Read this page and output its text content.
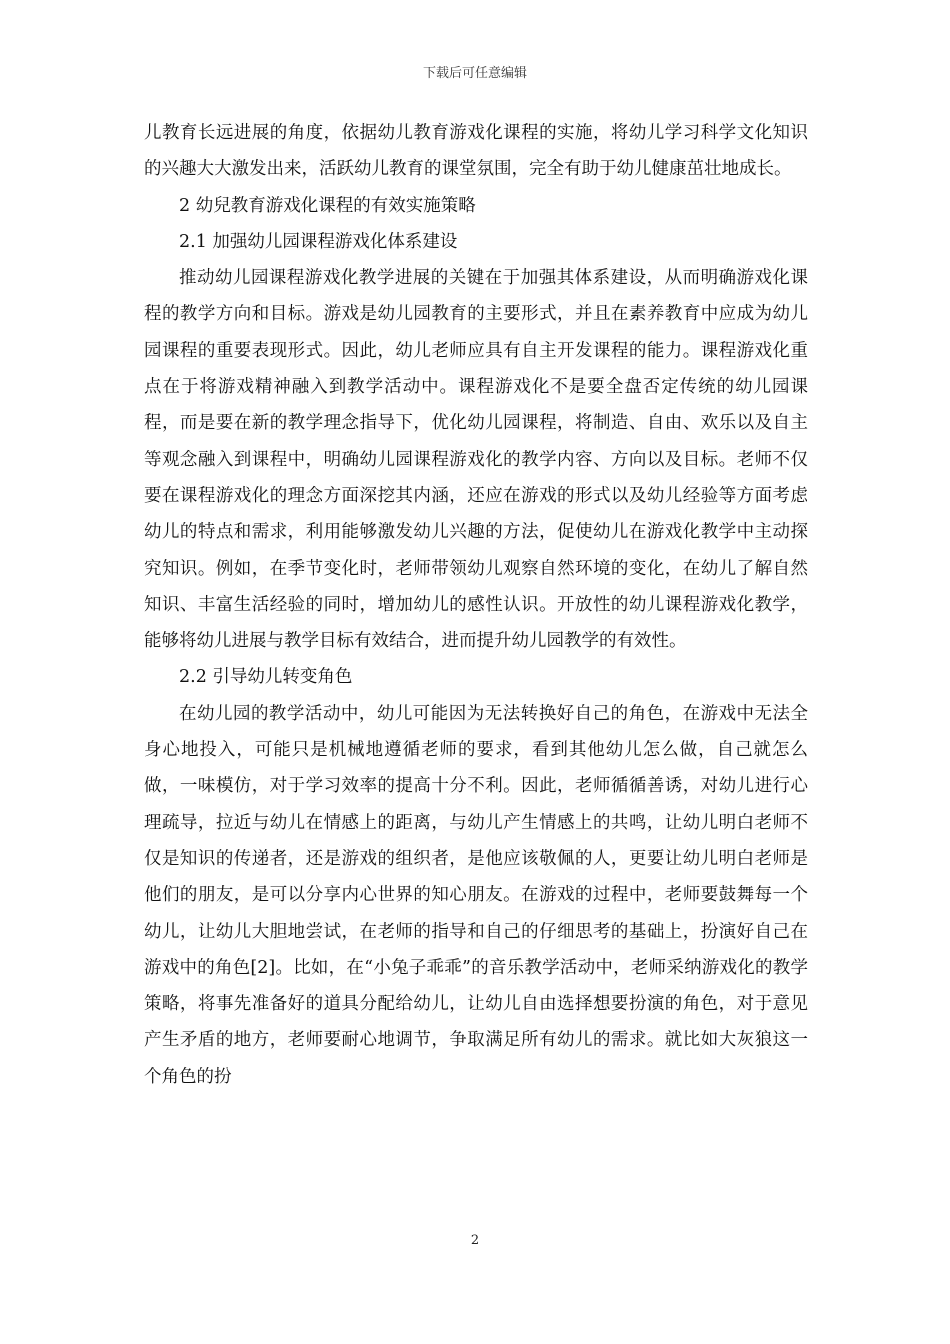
下载后可任意编辑

儿教育长远进展的角度，依据幼儿教育游戏化课程的实施，将幼儿学习科学文化知识的兴趣大大激发出来，活跃幼儿教育的课堂氛围，完全有助于幼儿健康茁壮地成长。

2 幼兒教育游戏化课程的有效实施策略

2.1 加强幼儿园课程游戏化体系建设

推动幼儿园课程游戏化教学进展的关键在于加强其体系建设，从而明确游戏化课程的教学方向和目标。游戏是幼儿园教育的主要形式，并且在素养教育中应成为幼儿园课程的重要表现形式。因此，幼儿老师应具有自主开发课程的能力。课程游戏化重点在于将游戏精神融入到教学活动中。课程游戏化不是要全盘否定传统的幼儿园课程，而是要在新的教学理念指导下，优化幼儿园课程，将制造、自由、欢乐以及自主等观念融入到课程中，明确幼儿园课程游戏化的教学内容、方向以及目标。老师不仅要在课程游戏化的理念方面深挖其内涵，还应在游戏的形式以及幼儿经验等方面考虑幼儿的特点和需求，利用能够激发幼儿兴趣的方法，促使幼儿在游戏化教学中主动探究知识。例如，在季节变化时，老师带领幼儿观察自然环境的变化，在幼儿了解自然知识、丰富生活经验的同时，增加幼儿的感性认识。开放性的幼儿课程游戏化教学，能够将幼儿进展与教学目标有效结合，进而提升幼儿园教学的有效性。

2.2 引导幼儿转变角色

在幼儿园的教学活动中，幼儿可能因为无法转换好自己的角色，在游戏中无法全身心地投入，可能只是机械地遵循老师的要求，看到其他幼儿怎么做，自己就怎么做，一味模仿，对于学习效率的提高十分不利。因此，老师循循善诱，对幼儿进行心理疏导，拉近与幼儿在情感上的距离，与幼儿产生情感上的共鸣，让幼儿明白老师不仅是知识的传递者，还是游戏的组织者，是他应该敬佩的人，更要让幼儿明白老师是他们的朋友，是可以分享内心世界的知心朋友。在游戏的过程中，老师要鼓舞每一个幼儿，让幼儿大胆地尝试，在老师的指导和自己的仔细思考的基础上，扮演好自己在游戏中的角色[2]。比如，在“小兔子乖乖”的音乐教学活动中，老师采纳游戏化的教学策略，将事先准备好的道具分配给幼儿，让幼儿自由选择想要扮演的角色，对于意见产生矛盾的地方，老师要耐心地调节，争取满足所有幼儿的需求。就比如大灰狼这一个角色的扮

2
